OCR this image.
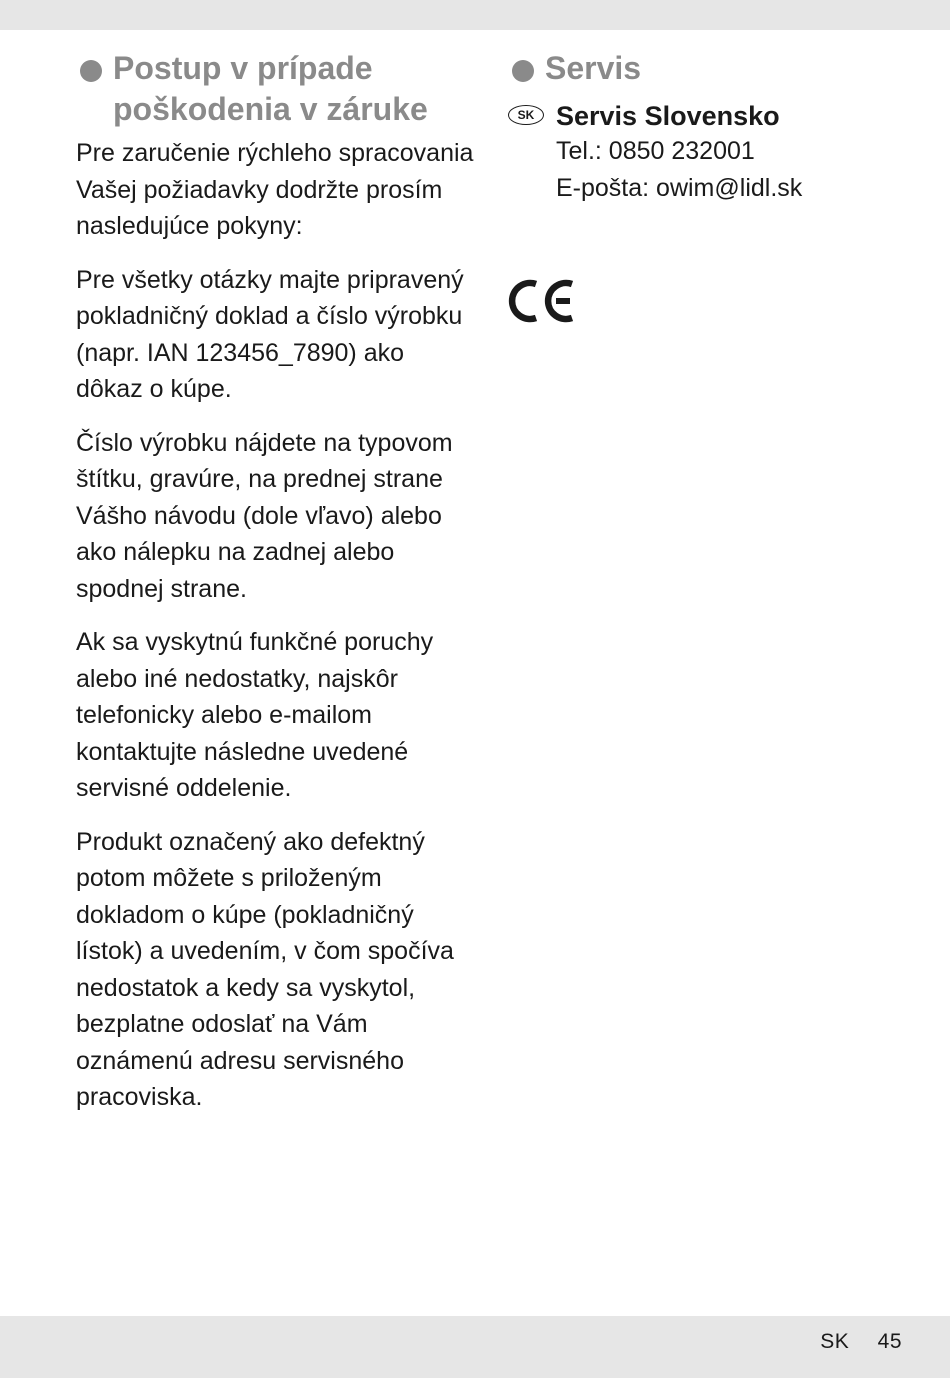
Postup v prípade poškodenia v záruke

Pre zaručenie rýchleho spracovania Vašej požiadavky dodržte prosím nasledujúce pokyny:

Pre všetky otázky majte pripravený pokladničný doklad a číslo výrobku (napr. IAN 123456_7890) ako dôkaz o kúpe.

Číslo výrobku nájdete na typovom štítku, gravúre, na prednej strane Vášho návodu (dole vľavo) alebo ako nálepku na zadnej alebo spodnej strane.

Ak sa vyskytnú funkčné poruchy alebo iné nedostatky, najskôr telefonicky alebo e-mailom kontaktujte následne uvedené servisné oddelenie.

Produkt označený ako defektný potom môžete s priloženým dokladom o kúpe (pokladničný lístok) a uvedením, v čom spočíva nedostatok a kedy sa vyskytol, bezplatne odoslať na Vám oznámenú adresu servisného pracoviska.

Servis
SK Servis Slovensko
Tel.: 0850 232001
E-pošta: owim@lidl.sk
SK 45
